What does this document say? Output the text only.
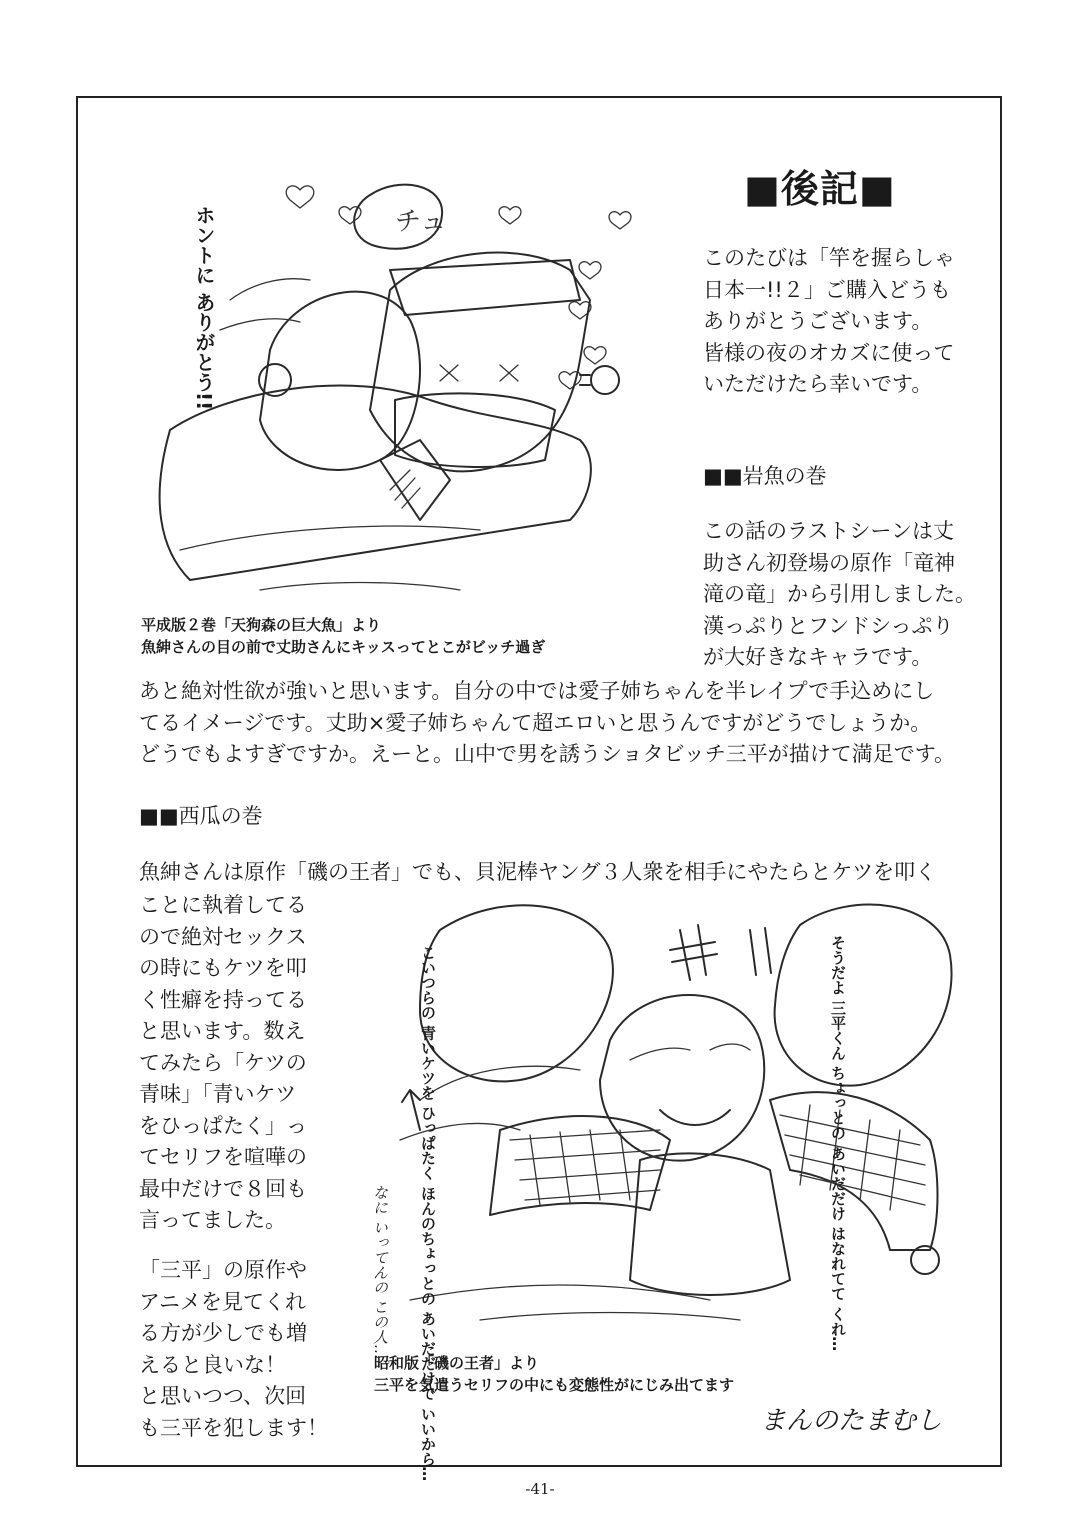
■後記■
チュ
ホントに ありがとう!!
平成版２巻「天狗森の巨大魚」より
魚紳さんの目の前で丈助さんにキッスってとこがビッチ過ぎ
このたびは「竿を握らしゃ
日本一!!２」ご購入どうも
ありがとうございます。
皆様の夜のオカズに使って
いただけたら幸いです。
■■岩魚の巻
この話のラストシーンは丈
助さん初登場の原作「竜神
滝の竜」から引用しました。
漢っぷりとフンドシっぷり
が大好きなキャラです。
あと絶対性欲が強いと思います。自分の中では愛子姉ちゃんを半レイプで手込めにし
てるイメージです。丈助×愛子姉ちゃんて超エロいと思うんですがどうでしょうか。
どうでもよすぎですか。えーと。山中で男を誘うショタビッチ三平が描けて満足です。
■■西瓜の巻
魚紳さんは原作「磯の王者」でも、貝泥棒ヤング３人衆を相手にやたらとケツを叩く
ことに執着してる
ので絶対セックス
の時にもケツを叩
く性癖を持ってる
と思います。数え
てみたら「ケツの
青味」「青いケツ
をひっぱたく」っ
てセリフを喧嘩の
最中だけで８回も
言ってました。
「三平」の原作や
アニメを見てくれ
る方が少しでも増
えると良いな！
と思いつつ、次回
も三平を犯します！	こいつらの 青いケツを ひっぱたく ほんのちょっとの あいだだけで いいから…	そうだよ 三平くん ちょっとの あいだだけ はなれてて くれ…
なに いってんの この人…。
昭和版「磯の王者」より
三平を気遣うセリフの中にも変態性がにじみ出てます
まんのたまむし
-41-
